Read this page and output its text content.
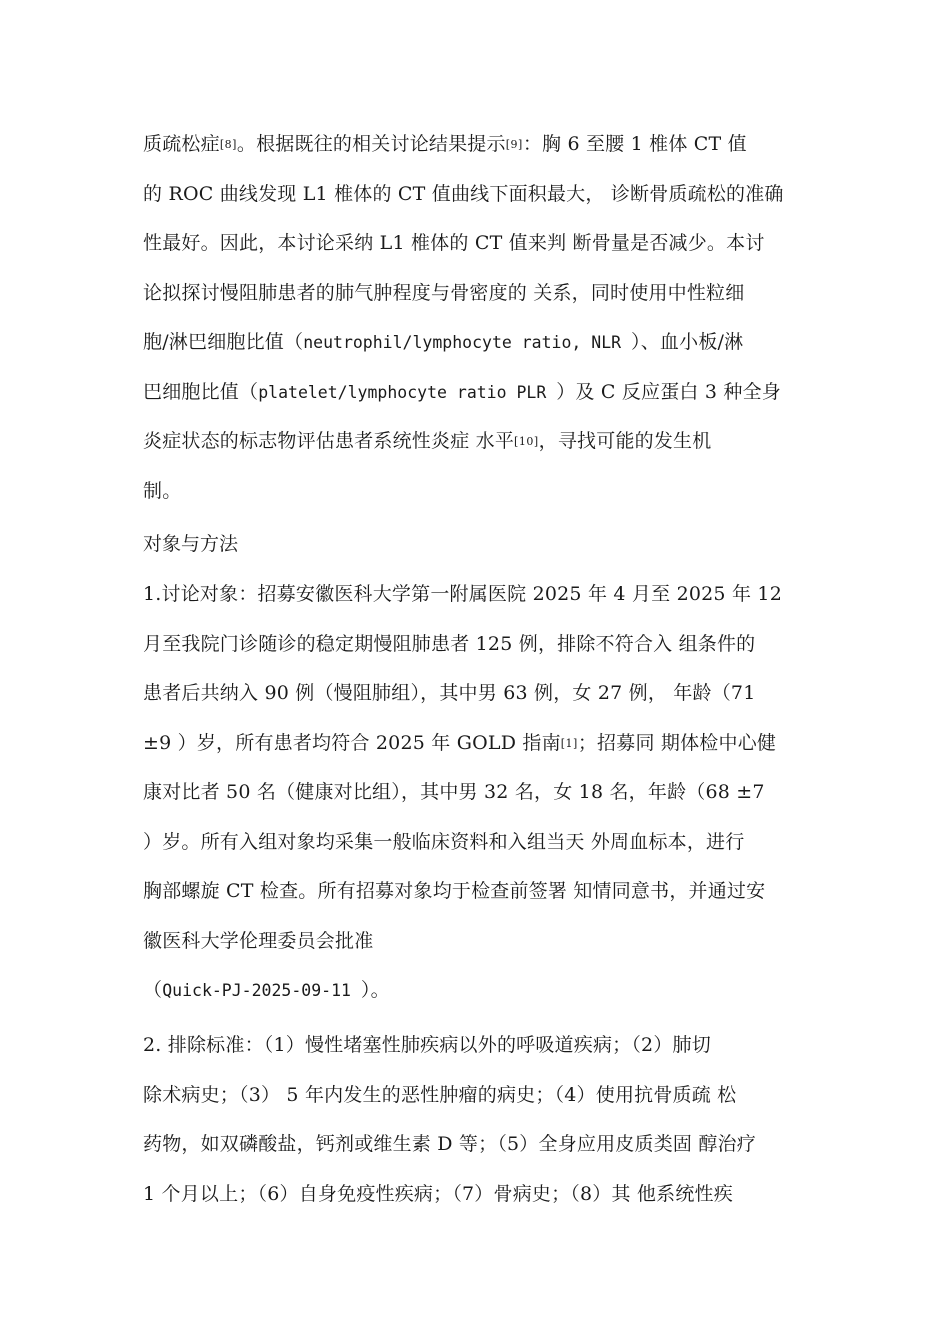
质疏松症[8]。根据既往的相关讨论结果提示[9]：胸 6 至腰 1 椎体 CT 值
的 ROC 曲线发现 L1 椎体的 CT 值曲线下面积最大， 诊断骨质疏松的准确
性最好。因此，本讨论采纳 L1 椎体的 CT 值来判 断骨量是否减少。本讨
论拟探讨慢阻肺患者的肺气肿程度与骨密度的 关系，同时使用中性粒细
胞/淋巴细胞比值（neutrophil/lymphocyte ratio, NLR ）、血小板/淋
巴细胞比值（platelet/lymphocyte ratio PLR ）及 C 反应蛋白 3 种全身
炎症状态的标志物评估患者系统性炎症 水平[10]，寻找可能的发生机
制。
对象与方法
1.讨论对象：招募安徽医科大学第一附属医院 2025 年 4 月至 2025 年 12
月至我院门诊随诊的稳定期慢阻肺患者 125 例，排除不符合入 组条件的
患者后共纳入 90 例（慢阻肺组），其中男 63 例，女 27 例， 年龄（71
±9 ）岁，所有患者均符合 2025 年 GOLD 指南[1]；招募同 期体检中心健
康对比者 50 名（健康对比组），其中男 32 名，女 18 名，年龄（68 ±7
）岁。所有入组对象均采集一般临床资料和入组当天 外周血标本，进行
胸部螺旋 CT 检查。所有招募对象均于检查前签署 知情同意书，并通过安
徽医科大学伦理委员会批准
（Quick-PJ-2025-09-11 ）。
2. 排除标准：（1）慢性堵塞性肺疾病以外的呼吸道疾病；（2）肺切
除术病史；（3） 5 年内发生的恶性肿瘤的病史；（4）使用抗骨质疏 松
药物，如双磷酸盐，钙剂或维生素 D 等；（5）全身应用皮质类固 醇治疗
1 个月以上；（6）自身免疫性疾病；（7）骨病史；（8）其 他系统性疾
